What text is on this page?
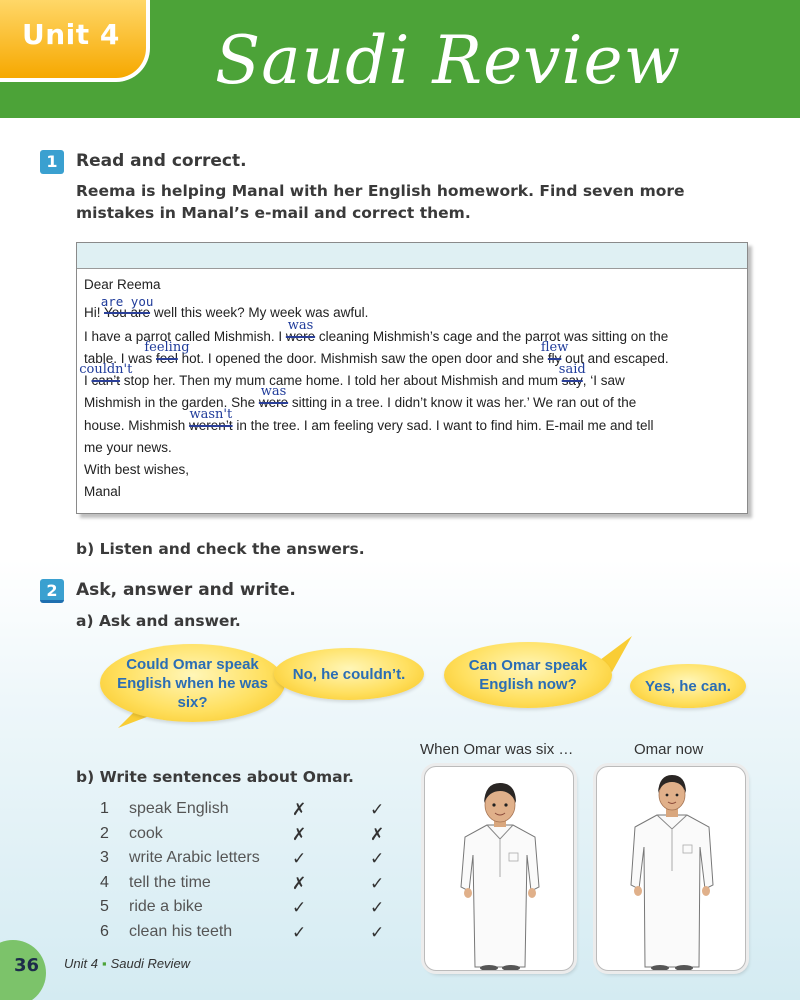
Unit 4 Saudi Review
1	Read and correct.
Reema is helping Manal with her English homework. Find seven more mistakes in Manal’s e-mail and correct them.
Dear Reema
Hi! You are
are you
well this week? My week was awful.
I have a parrot called Mishmish. I were
was
cleaning Mishmish’s cage and the parrot was sitting on the
table. I was feel
feeling
hot. I opened the door. Mishmish saw the open door and she fly
flew
out and escaped.
I can’t
couldn't
stop her. Then my mum came home. I told her about Mishmish and mum say
said
, ‘I saw
Mishmish in the garden. She were
was
sitting in a tree. I didn’t know it was her.’ We ran out of the
house. Mishmish weren’t
wasn't
in the tree. I am feeling very sad. I want to find him. E-mail me and tell
me your news.
With best wishes,
Manal
b) Listen and check the answers.
2	Ask, answer and write.
a) Ask and answer.
Could Omar speak English when he was six?
No, he couldn’t.	Can Omar speak English now?	Yes, he can.
When Omar was six …	Omar now
b) Write sentences about Omar.
1 speak English	✗	✓
2 cook	✗	✗
3 write Arabic letters ✓	✓
4 tell the time	✗	✓
5 ride a bike	✓	✓
6 clean his teeth	✓	✓
36 Unit 4 ▪ Saudi Review
